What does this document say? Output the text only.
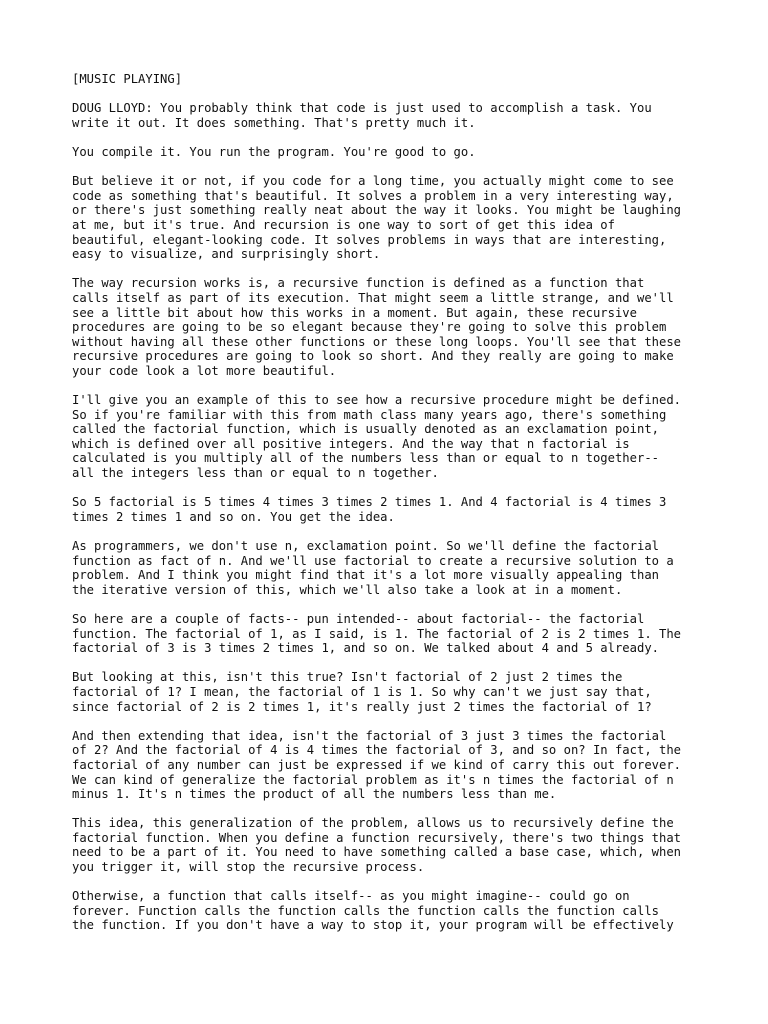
[MUSIC PLAYING]
DOUG LLOYD: You probably think that code is just used to accomplish a task. You
write it out. It does something. That's pretty much it.
You compile it. You run the program. You're good to go.
But believe it or not, if you code for a long time, you actually might come to see
code as something that's beautiful. It solves a problem in a very interesting way,
or there's just something really neat about the way it looks. You might be laughing
at me, but it's true. And recursion is one way to sort of get this idea of
beautiful, elegant-looking code. It solves problems in ways that are interesting,
easy to visualize, and surprisingly short.
The way recursion works is, a recursive function is defined as a function that
calls itself as part of its execution. That might seem a little strange, and we'll
see a little bit about how this works in a moment. But again, these recursive
procedures are going to be so elegant because they're going to solve this problem
without having all these other functions or these long loops. You'll see that these
recursive procedures are going to look so short. And they really are going to make
your code look a lot more beautiful.
I'll give you an example of this to see how a recursive procedure might be defined.
So if you're familiar with this from math class many years ago, there's something
called the factorial function, which is usually denoted as an exclamation point,
which is defined over all positive integers. And the way that n factorial is
calculated is you multiply all of the numbers less than or equal to n together--
all the integers less than or equal to n together.
So 5 factorial is 5 times 4 times 3 times 2 times 1. And 4 factorial is 4 times 3
times 2 times 1 and so on. You get the idea.
As programmers, we don't use n, exclamation point. So we'll define the factorial
function as fact of n. And we'll use factorial to create a recursive solution to a
problem. And I think you might find that it's a lot more visually appealing than
the iterative version of this, which we'll also take a look at in a moment.
So here are a couple of facts-- pun intended-- about factorial-- the factorial
function. The factorial of 1, as I said, is 1. The factorial of 2 is 2 times 1. The
factorial of 3 is 3 times 2 times 1, and so on. We talked about 4 and 5 already.
But looking at this, isn't this true? Isn't factorial of 2 just 2 times the
factorial of 1? I mean, the factorial of 1 is 1. So why can't we just say that,
since factorial of 2 is 2 times 1, it's really just 2 times the factorial of 1?
And then extending that idea, isn't the factorial of 3 just 3 times the factorial
of 2? And the factorial of 4 is 4 times the factorial of 3, and so on? In fact, the
factorial of any number can just be expressed if we kind of carry this out forever.
We can kind of generalize the factorial problem as it's n times the factorial of n
minus 1. It's n times the product of all the numbers less than me.
This idea, this generalization of the problem, allows us to recursively define the
factorial function. When you define a function recursively, there's two things that
need to be a part of it. You need to have something called a base case, which, when
you trigger it, will stop the recursive process.
Otherwise, a function that calls itself-- as you might imagine-- could go on
forever. Function calls the function calls the function calls the function calls
the function. If you don't have a way to stop it, your program will be effectively
